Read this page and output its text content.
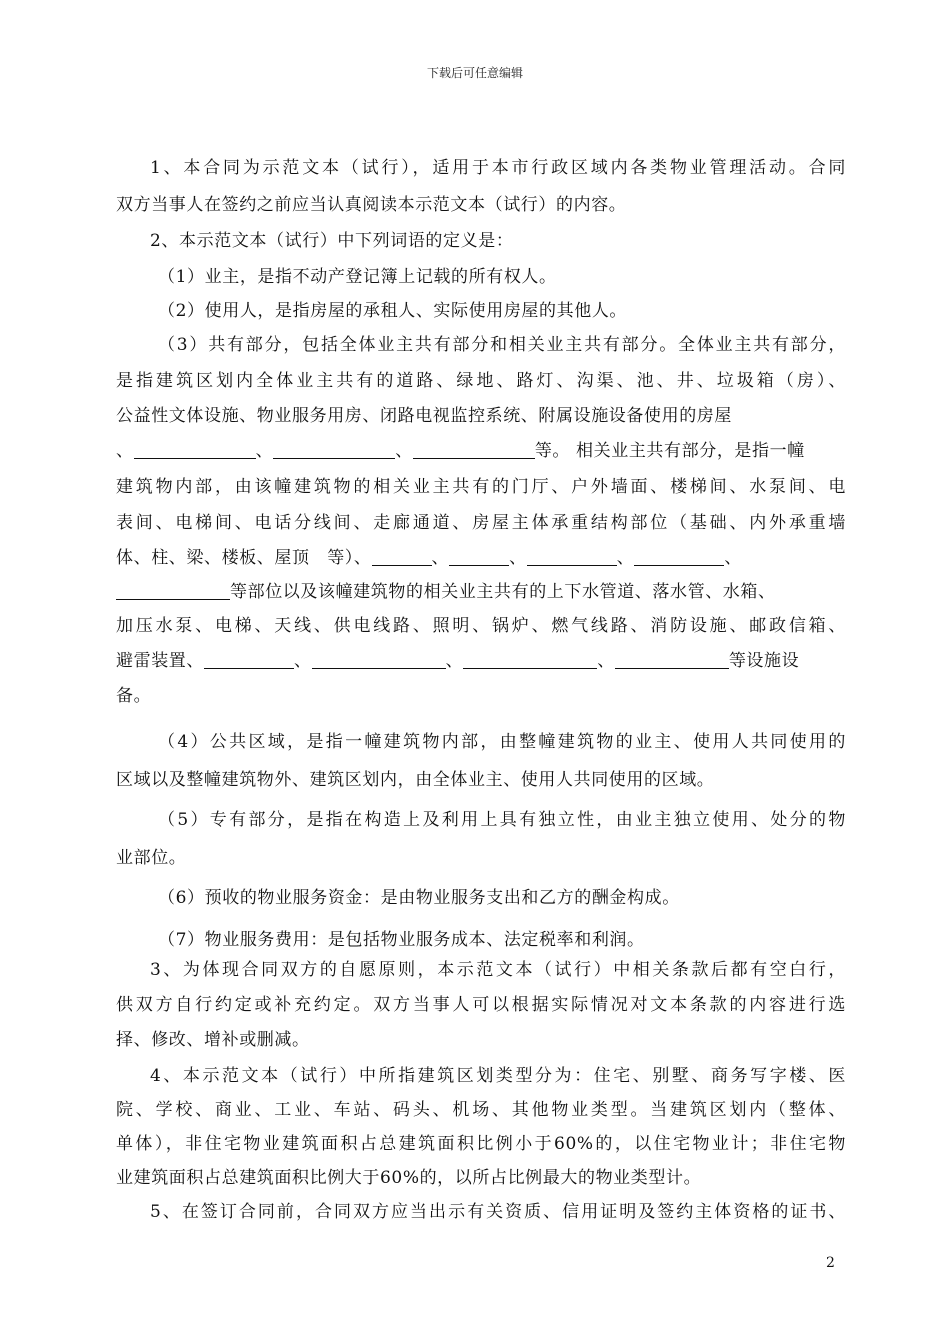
下载后可任意编辑
1、本合同为示范文本（试行），适用于本市行政区域内各类物业管理活动。合同
双方当事人在签约之前应当认真阅读本示范文本（试行）的内容。
2、本示范文本（试行）中下列词语的定义是：
（1）业主，是指不动产登记簿上记载的所有权人。
（2）使用人，是指房屋的承租人、实际使用房屋的其他人。
（3）共有部分，包括全体业主共有部分和相关业主共有部分。全体业主共有部分，
是指建筑区划内全体业主共有的道路、绿地、路灯、沟渠、池、井、垃圾箱（房）、
公益性文体设施、物业服务用房、闭路电视监控系统、附属设施设备使用的房屋
、	、	、	等。 相关业主共有部分，是指一幢
建筑物内部，由该幢建筑物的相关业主共有的门厅、户外墙面、楼梯间、水泵间、电
表间、电梯间、电话分线间、走廊通道、房屋主体承重结构部位（基础、内外承重墙
体、柱、梁、楼板、屋顶　等）、	、	、	、	、
等部位以及该幢建筑物的相关业主共有的上下水管道、落水管、水箱、
加压水泵、电梯、天线、供电线路、照明、锅炉、燃气线路、消防设施、邮政信箱、
避雷装置、	、	、	、	等设施设
备。
（4）公共区域，是指一幢建筑物内部，由整幢建筑物的业主、使用人共同使用的
区域以及整幢建筑物外、建筑区划内，由全体业主、使用人共同使用的区域。
（5）专有部分，是指在构造上及利用上具有独立性，由业主独立使用、处分的物
业部位。
（6）预收的物业服务资金：是由物业服务支出和乙方的酬金构成。
（7）物业服务费用：是包括物业服务成本、法定税率和利润。
3、为体现合同双方的自愿原则，本示范文本（试行）中相关条款后都有空白行，
供双方自行约定或补充约定。双方当事人可以根据实际情况对文本条款的内容进行选
择、修改、增补或删减。
4、本示范文本（试行）中所指建筑区划类型分为：住宅、别墅、商务写字楼、医
院、学校、商业、工业、车站、码头、机场、其他物业类型。当建筑区划内（整体、
单体），非住宅物业建筑面积占总建筑面积比例小于60%的，以住宅物业计；非住宅物
业建筑面积占总建筑面积比例大于60%的，以所占比例最大的物业类型计。
5、在签订合同前，合同双方应当出示有关资质、信用证明及签约主体资格的证书、
2
